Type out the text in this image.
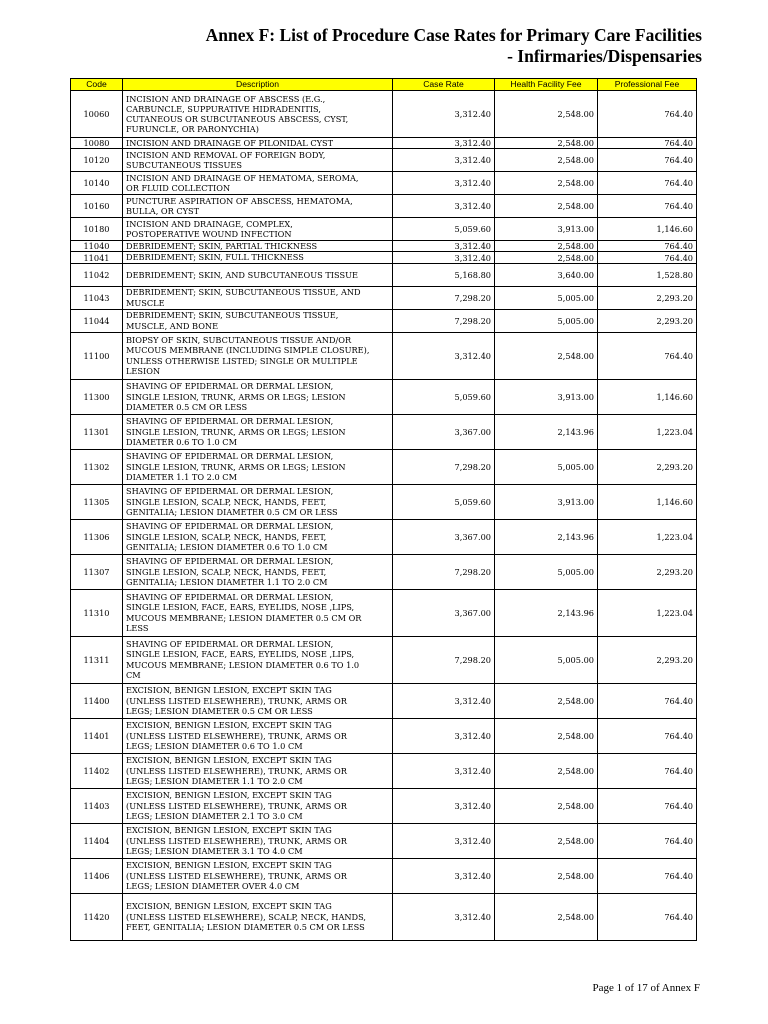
Annex F: List of Procedure Case Rates for Primary Care Facilities
- Infirmaries/Dispensaries
Code	Description	Case Rate	Health Facility Fee	Professional Fee
10060	INCISION AND DRAINAGE OF ABSCESS (E.G.,
CARBUNCLE, SUPPURATIVE HIDRADENITIS,
CUTANEOUS OR SUBCUTANEOUS ABSCESS, CYST,
FURUNCLE, OR PARONYCHIA)	3,312.40	2,548.00	764.40
10080	INCISION AND DRAINAGE OF PILONIDAL CYST	3,312.40	2,548.00	764.40
10120	INCISION AND REMOVAL OF FOREIGN BODY,
SUBCUTANEOUS TISSUES	3,312.40	2,548.00	764.40
10140	INCISION AND DRAINAGE OF HEMATOMA, SEROMA,
OR FLUID COLLECTION	3,312.40	2,548.00	764.40
10160	PUNCTURE ASPIRATION OF ABSCESS, HEMATOMA,
BULLA, OR CYST	3,312.40	2,548.00	764.40
10180	INCISION AND DRAINAGE, COMPLEX,
POSTOPERATIVE WOUND INFECTION	5,059.60	3,913.00	1,146.60
11040	DEBRIDEMENT; SKIN, PARTIAL THICKNESS	3,312.40	2,548.00	764.40
11041	DEBRIDEMENT; SKIN, FULL THICKNESS	3,312.40	2,548.00	764.40
11042	DEBRIDEMENT; SKIN, AND SUBCUTANEOUS TISSUE	5,168.80	3,640.00	1,528.80
11043	DEBRIDEMENT; SKIN, SUBCUTANEOUS TISSUE, AND
MUSCLE	7,298.20	5,005.00	2,293.20
11044	DEBRIDEMENT; SKIN, SUBCUTANEOUS TISSUE,
MUSCLE, AND BONE	7,298.20	5,005.00	2,293.20
11100	BIOPSY OF SKIN, SUBCUTANEOUS TISSUE AND/OR
MUCOUS MEMBRANE (INCLUDING SIMPLE CLOSURE),
UNLESS OTHERWISE LISTED; SINGLE OR MULTIPLE
LESION	3,312.40	2,548.00	764.40
11300	SHAVING OF EPIDERMAL OR DERMAL LESION,
SINGLE LESION, TRUNK, ARMS OR LEGS; LESION
DIAMETER 0.5 CM OR LESS	5,059.60	3,913.00	1,146.60
11301	SHAVING OF EPIDERMAL OR DERMAL LESION,
SINGLE LESION, TRUNK, ARMS OR LEGS; LESION
DIAMETER 0.6 TO 1.0 CM	3,367.00	2,143.96	1,223.04
11302	SHAVING OF EPIDERMAL OR DERMAL LESION,
SINGLE LESION, TRUNK, ARMS OR LEGS; LESION
DIAMETER 1.1 TO 2.0 CM	7,298.20	5,005.00	2,293.20
11305	SHAVING OF EPIDERMAL OR DERMAL LESION,
SINGLE LESION, SCALP, NECK, HANDS, FEET,
GENITALIA; LESION DIAMETER 0.5 CM OR LESS	5,059.60	3,913.00	1,146.60
11306	SHAVING OF EPIDERMAL OR DERMAL LESION,
SINGLE LESION, SCALP, NECK, HANDS, FEET,
GENITALIA; LESION DIAMETER 0.6 TO 1.0 CM	3,367.00	2,143.96	1,223.04
11307	SHAVING OF EPIDERMAL OR DERMAL LESION,
SINGLE LESION, SCALP, NECK, HANDS, FEET,
GENITALIA; LESION DIAMETER 1.1 TO 2.0 CM	7,298.20	5,005.00	2,293.20
11310	SHAVING OF EPIDERMAL OR DERMAL LESION,
SINGLE LESION, FACE, EARS, EYELIDS, NOSE ,LIPS,
MUCOUS MEMBRANE; LESION DIAMETER 0.5 CM OR
LESS	3,367.00	2,143.96	1,223.04
11311	SHAVING OF EPIDERMAL OR DERMAL LESION,
SINGLE LESION, FACE, EARS, EYELIDS, NOSE ,LIPS,
MUCOUS MEMBRANE; LESION DIAMETER 0.6 TO 1.0
CM	7,298.20	5,005.00	2,293.20
11400	EXCISION, BENIGN LESION, EXCEPT SKIN TAG
(UNLESS LISTED ELSEWHERE), TRUNK, ARMS OR
LEGS; LESION DIAMETER 0.5 CM OR LESS	3,312.40	2,548.00	764.40
11401	EXCISION, BENIGN LESION, EXCEPT SKIN TAG
(UNLESS LISTED ELSEWHERE), TRUNK, ARMS OR
LEGS; LESION DIAMETER 0.6 TO 1.0 CM	3,312.40	2,548.00	764.40
11402	EXCISION, BENIGN LESION, EXCEPT SKIN TAG
(UNLESS LISTED ELSEWHERE), TRUNK, ARMS OR
LEGS; LESION DIAMETER 1.1 TO 2.0 CM	3,312.40	2,548.00	764.40
11403	EXCISION, BENIGN LESION, EXCEPT SKIN TAG
(UNLESS LISTED ELSEWHERE), TRUNK, ARMS OR
LEGS; LESION DIAMETER 2.1 TO 3.0 CM	3,312.40	2,548.00	764.40
11404	EXCISION, BENIGN LESION, EXCEPT SKIN TAG
(UNLESS LISTED ELSEWHERE), TRUNK, ARMS OR
LEGS; LESION DIAMETER 3.1 TO 4.0 CM	3,312.40	2,548.00	764.40
11406	EXCISION, BENIGN LESION, EXCEPT SKIN TAG
(UNLESS LISTED ELSEWHERE), TRUNK, ARMS OR
LEGS; LESION DIAMETER OVER 4.0 CM	3,312.40	2,548.00	764.40
11420	EXCISION, BENIGN LESION, EXCEPT SKIN TAG
(UNLESS LISTED ELSEWHERE), SCALP, NECK, HANDS,
FEET, GENITALIA; LESION DIAMETER 0.5 CM OR LESS	3,312.40	2,548.00	764.40
Page 1 of 17 of Annex F
